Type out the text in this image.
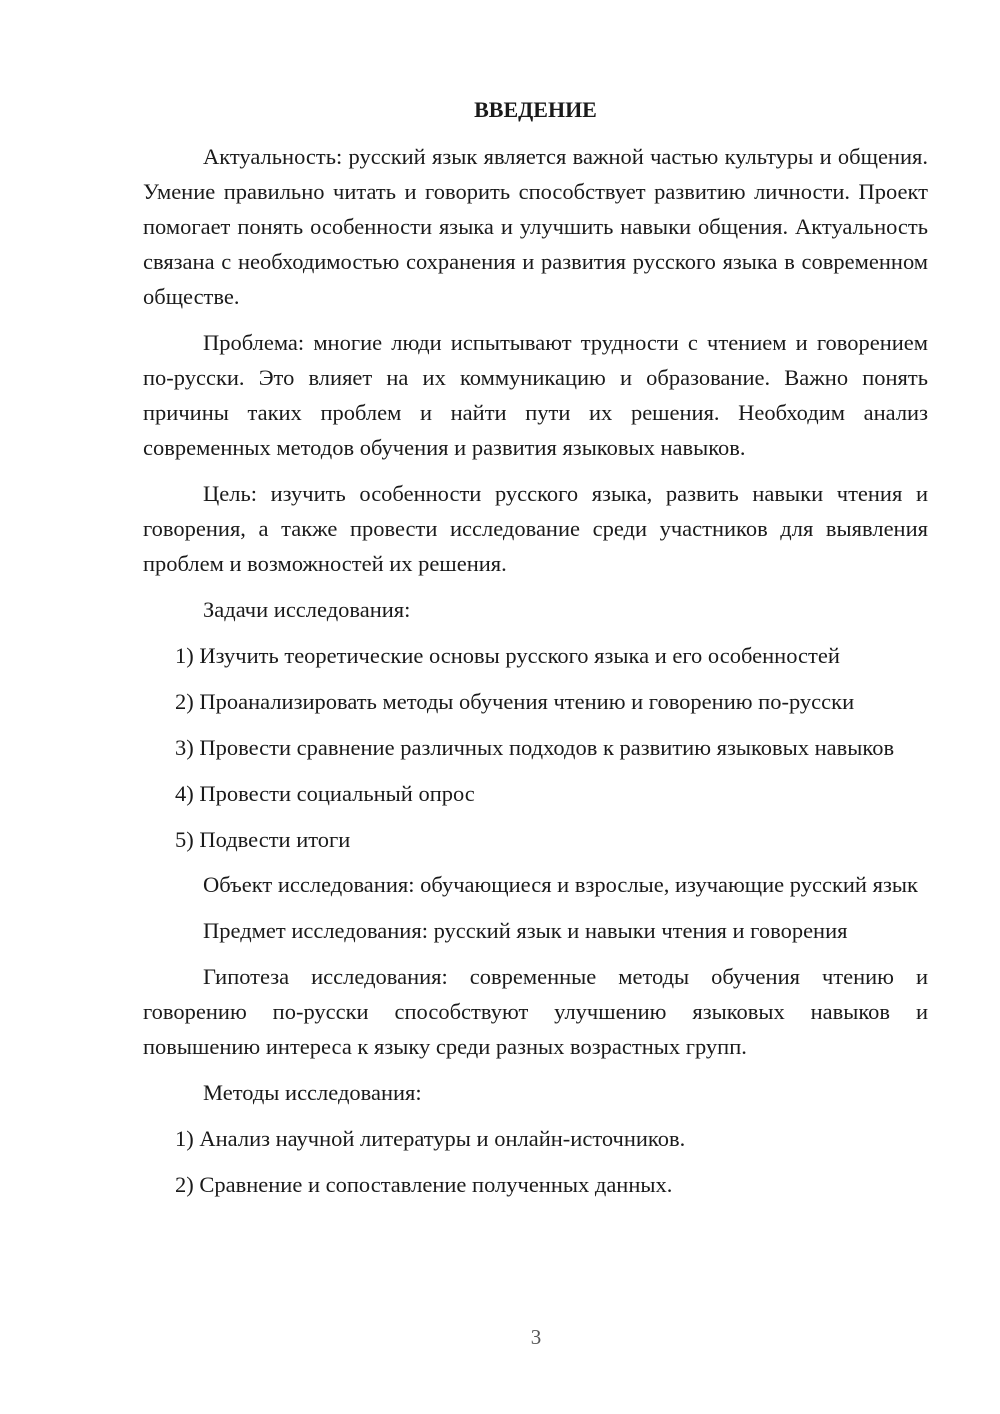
ВВЕДЕНИЕ

Актуальность: русский язык является важной частью культуры и общения. Умение правильно читать и говорить способствует развитию личности. Проект помогает понять особенности языка и улучшить навыки общения. Актуальность связана с необходимостью сохранения и развития русского языка в современном обществе.

Проблема: многие люди испытывают трудности с чтением и говорением по-русски. Это влияет на их коммуникацию и образование. Важно понять причины таких проблем и найти пути их решения. Необходим анализ современных методов обучения и развития языковых навыков.

Цель: изучить особенности русского языка, развить навыки чтения и говорения, а также провести исследование среди участников для выявления проблем и возможностей их решения.

Задачи исследования:

1) Изучить теоретические основы русского языка и его особенностей

2) Проанализировать методы обучения чтению и говорению по-русски

3) Провести сравнение различных подходов к развитию языковых навыков

4) Провести социальный опрос

5) Подвести итоги

Объект исследования: обучающиеся и взрослые, изучающие русский язык

Предмет исследования: русский язык и навыки чтения и говорения

Гипотеза исследования: современные методы обучения чтению и говорению по-русски способствуют улучшению языковых навыков и повышению интереса к языку среди разных возрастных групп.

Методы исследования:

1) Анализ научной литературы и онлайн-источников.

2) Сравнение и сопоставление полученных данных.

3
